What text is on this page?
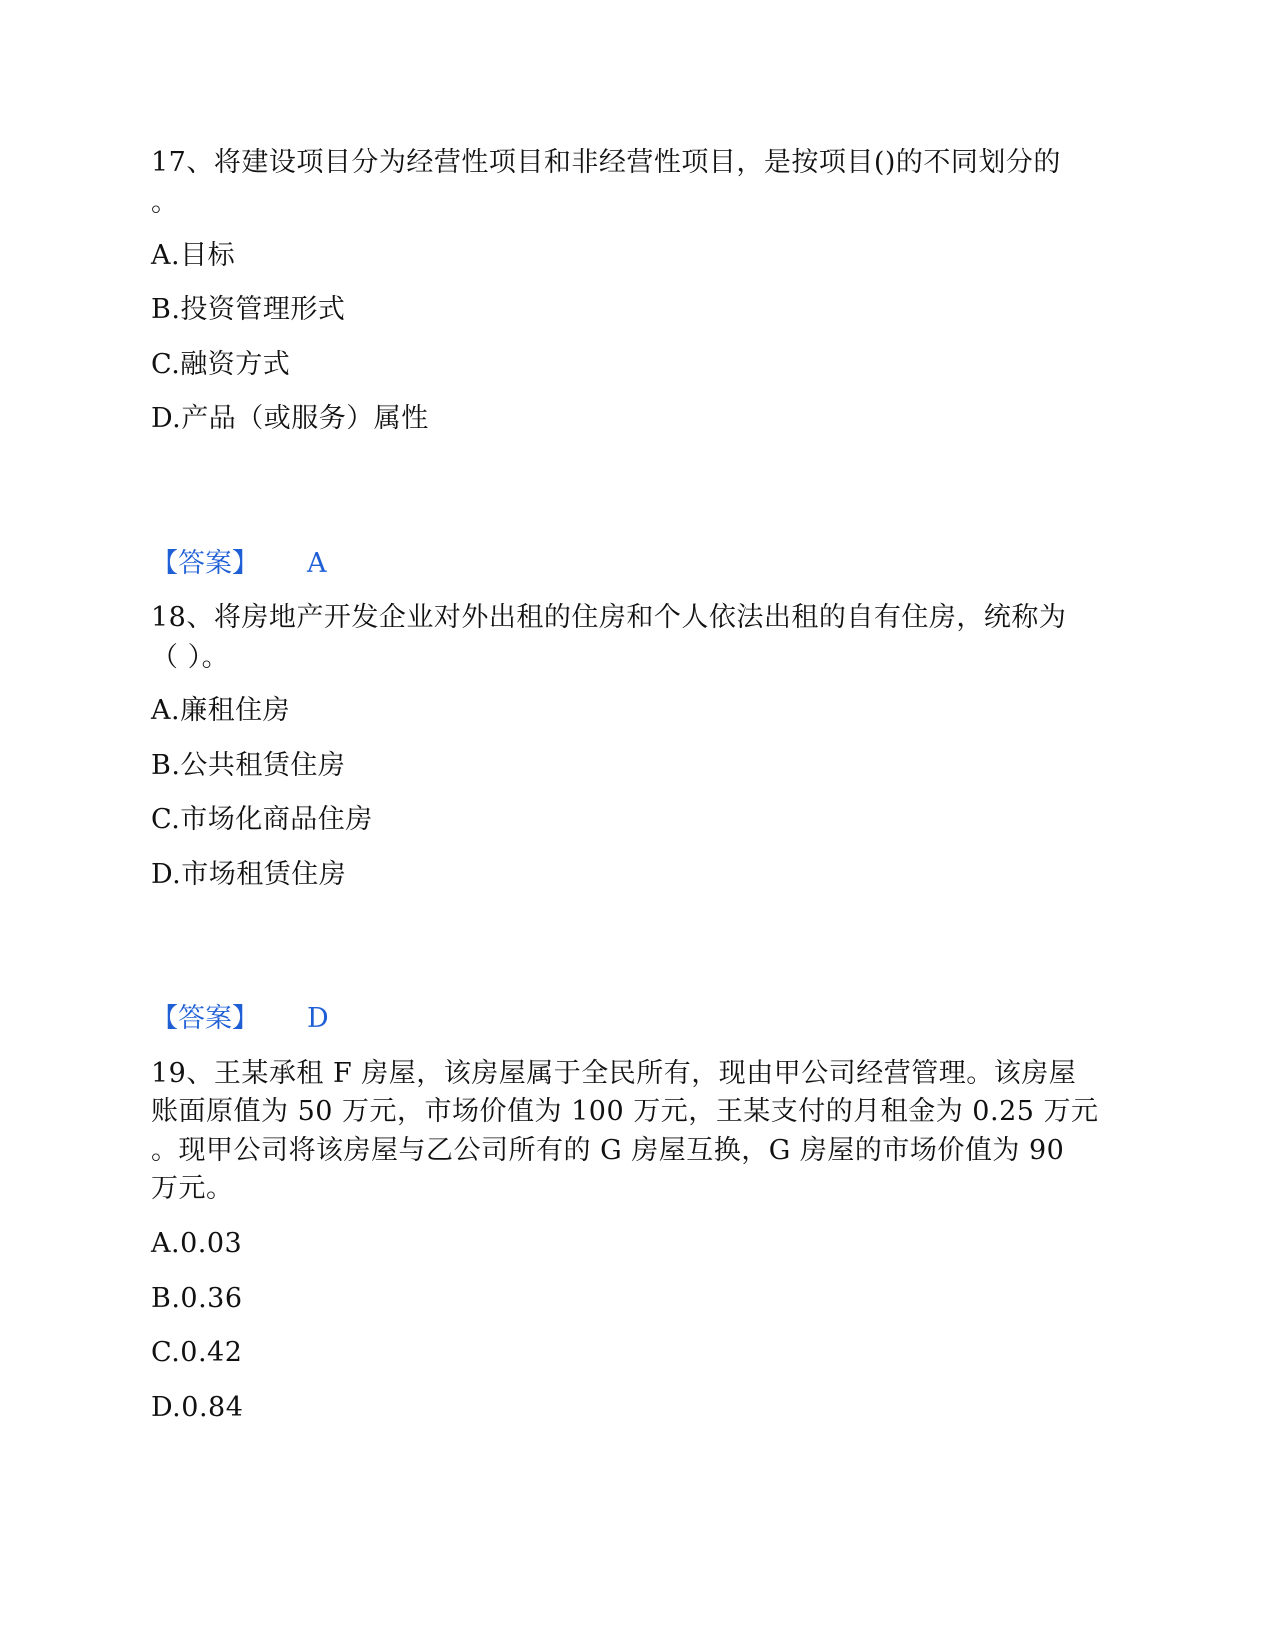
17、将建设项目分为经营性项目和非经营性项目，是按项目()的不同划分的
。
A.目标
B.投资管理形式
C.融资方式
D.产品（或服务）属性
【答案】 A
18、将房地产开发企业对外出租的住房和个人依法出租的自有住房，统称为
（ ）。
A.廉租住房
B.公共租赁住房
C.市场化商品住房
D.市场租赁住房
【答案】 D
19、王某承租 F 房屋，该房屋属于全民所有，现由甲公司经营管理。该房屋
账面原值为 50 万元，市场价值为 100 万元，王某支付的月租金为 0.25 万元
。现甲公司将该房屋与乙公司所有的 G 房屋互换，G 房屋的市场价值为 90
万元。
A.0.03
B.0.36
C.0.42
D.0.84
